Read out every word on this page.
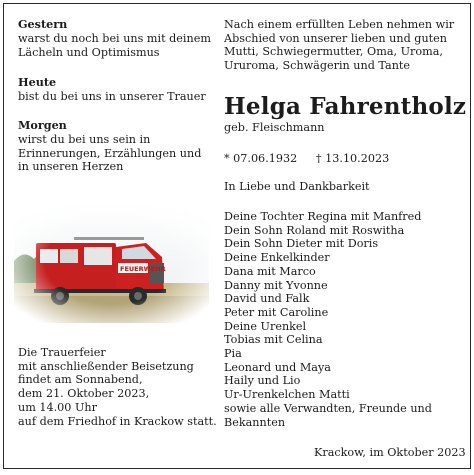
Gestern
warst du noch bei uns mit deinem
Lächeln und Optimismus
Heute
bist du bei uns in unserer Trauer
Morgen
wirst du bei uns sein in
Erinnerungen, Erzählungen und
in unseren Herzen
Die Trauerfeier
mit anschließender Beisetzung
findet am Sonnabend,
dem 21. Oktober 2023,
um 14.00 Uhr
auf dem Friedhof in Krackow statt.
Nach einem erfüllten Leben nehmen wir
Abschied von unserer lieben und guten
Mutti, Schwiegermutter, Oma, Uroma,
Ururoma, Schwägerin und Tante
Helga Fahrentholz
geb. Fleischmann
* 07.06.1932 † 13.10.2023
In Liebe und Dankbarkeit
Deine Tochter Regina mit Manfred
Dein Sohn Roland mit Roswitha
Dein Sohn Dieter mit Doris
Deine Enkelkinder
Dana mit Marco
Danny mit Yvonne
David und Falk
Peter mit Caroline
Deine Urenkel
Tobias mit Celina
Pia
Leonard und Maya
Haily und Lio
Ur-Urenkelchen Matti
sowie alle Verwandten, Freunde und
Bekannten
Krackow, im Oktober 2023
